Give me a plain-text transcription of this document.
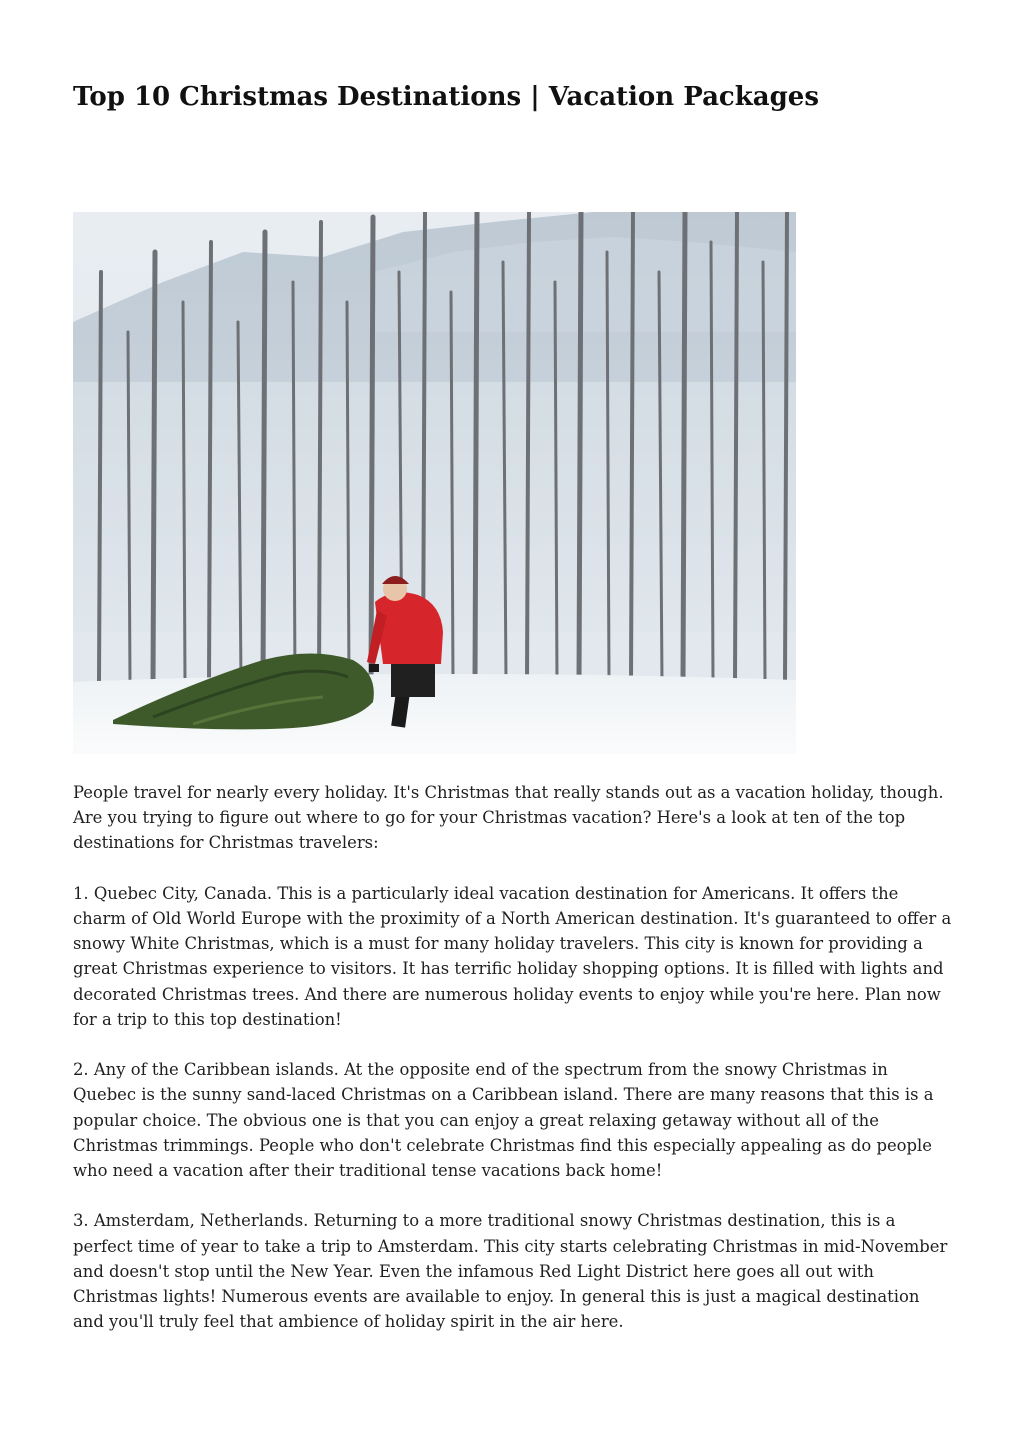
Top 10 Christmas Destinations | Vacation Packages

People travel for nearly every holiday. It's Christmas that really stands out as a vacation holiday, though. Are you trying to figure out where to go for your Christmas vacation? Here's a look at ten of the top destinations for Christmas travelers:

1. Quebec City, Canada. This is a particularly ideal vacation destination for Americans. It offers the charm of Old World Europe with the proximity of a North American destination. It's guaranteed to offer a snowy White Christmas, which is a must for many holiday travelers. This city is known for providing a great Christmas experience to visitors. It has terrific holiday shopping options. It is filled with lights and decorated Christmas trees. And there are numerous holiday events to enjoy while you're here. Plan now for a trip to this top destination!

2. Any of the Caribbean islands. At the opposite end of the spectrum from the snowy Christmas in Quebec is the sunny sand-laced Christmas on a Caribbean island. There are many reasons that this is a popular choice. The obvious one is that you can enjoy a great relaxing getaway without all of the Christmas trimmings. People who don't celebrate Christmas find this especially appealing as do people who need a vacation after their traditional tense vacations back home!

3. Amsterdam, Netherlands. Returning to a more traditional snowy Christmas destination, this is a perfect time of year to take a trip to Amsterdam. This city starts celebrating Christmas in mid-November and doesn't stop until the New Year. Even the infamous Red Light District here goes all out with Christmas lights! Numerous events are available to enjoy. In general this is just a magical destination and you'll truly feel that ambience of holiday spirit in the air here.
